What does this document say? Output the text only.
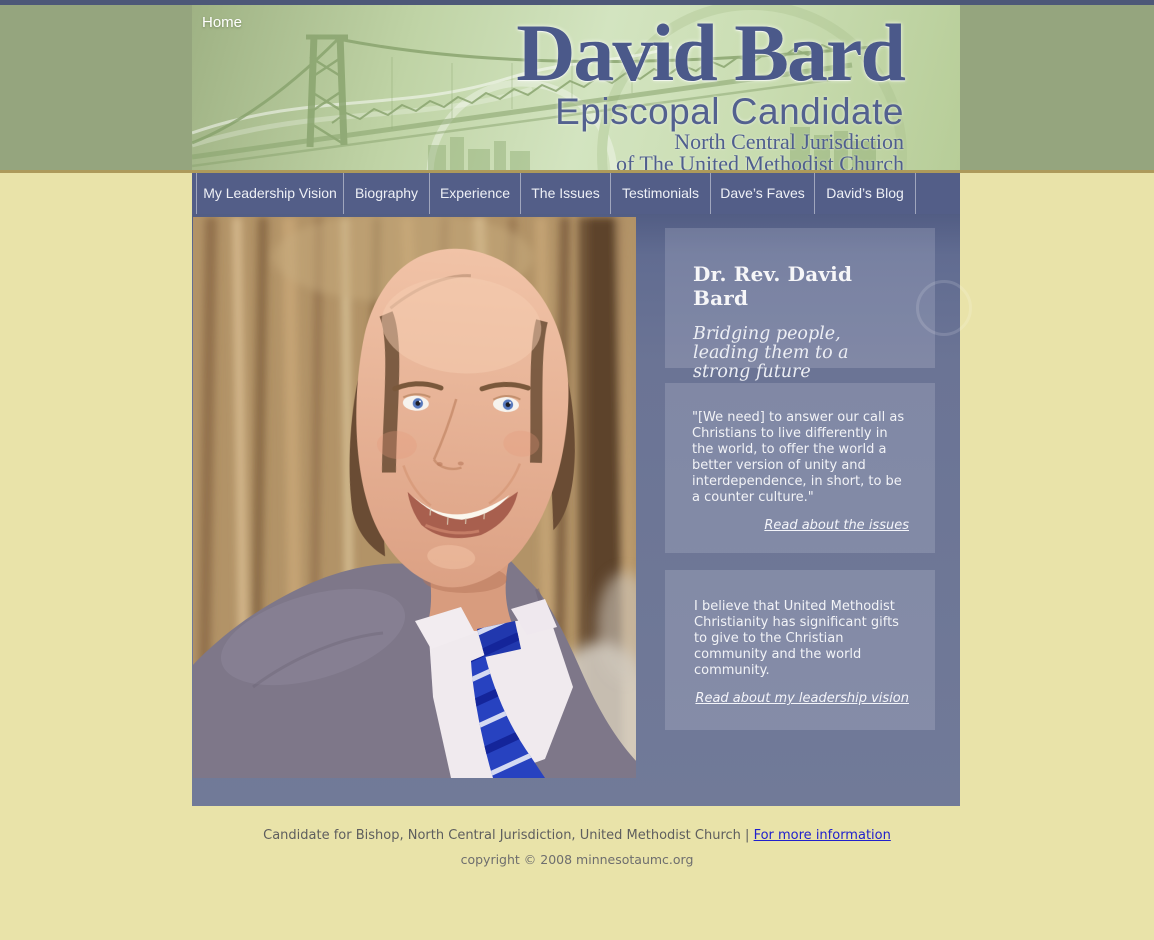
Home	David Bard
Episcopal Candidate
North Central Jurisdiction
of The United Methodist Church
My Leadership Vision	Biography	Experience	The Issues	Testimonials	Dave’s Faves	David’s Blog
Dr. Rev. David Bard
Bridging people, leading them to a strong future
"[We need] to answer our call as Christians to live differently in the world, to offer the world a better version of unity and interdependence, in short, to be a counter culture."
Read about the issues
I believe that United Methodist Christianity has significant gifts to give to the Christian community and the world community.
Read about my leadership vision
Candidate for Bishop, North Central Jurisdiction, United Methodist Church | For more information
copyright © 2008 minnesotaumc.org
